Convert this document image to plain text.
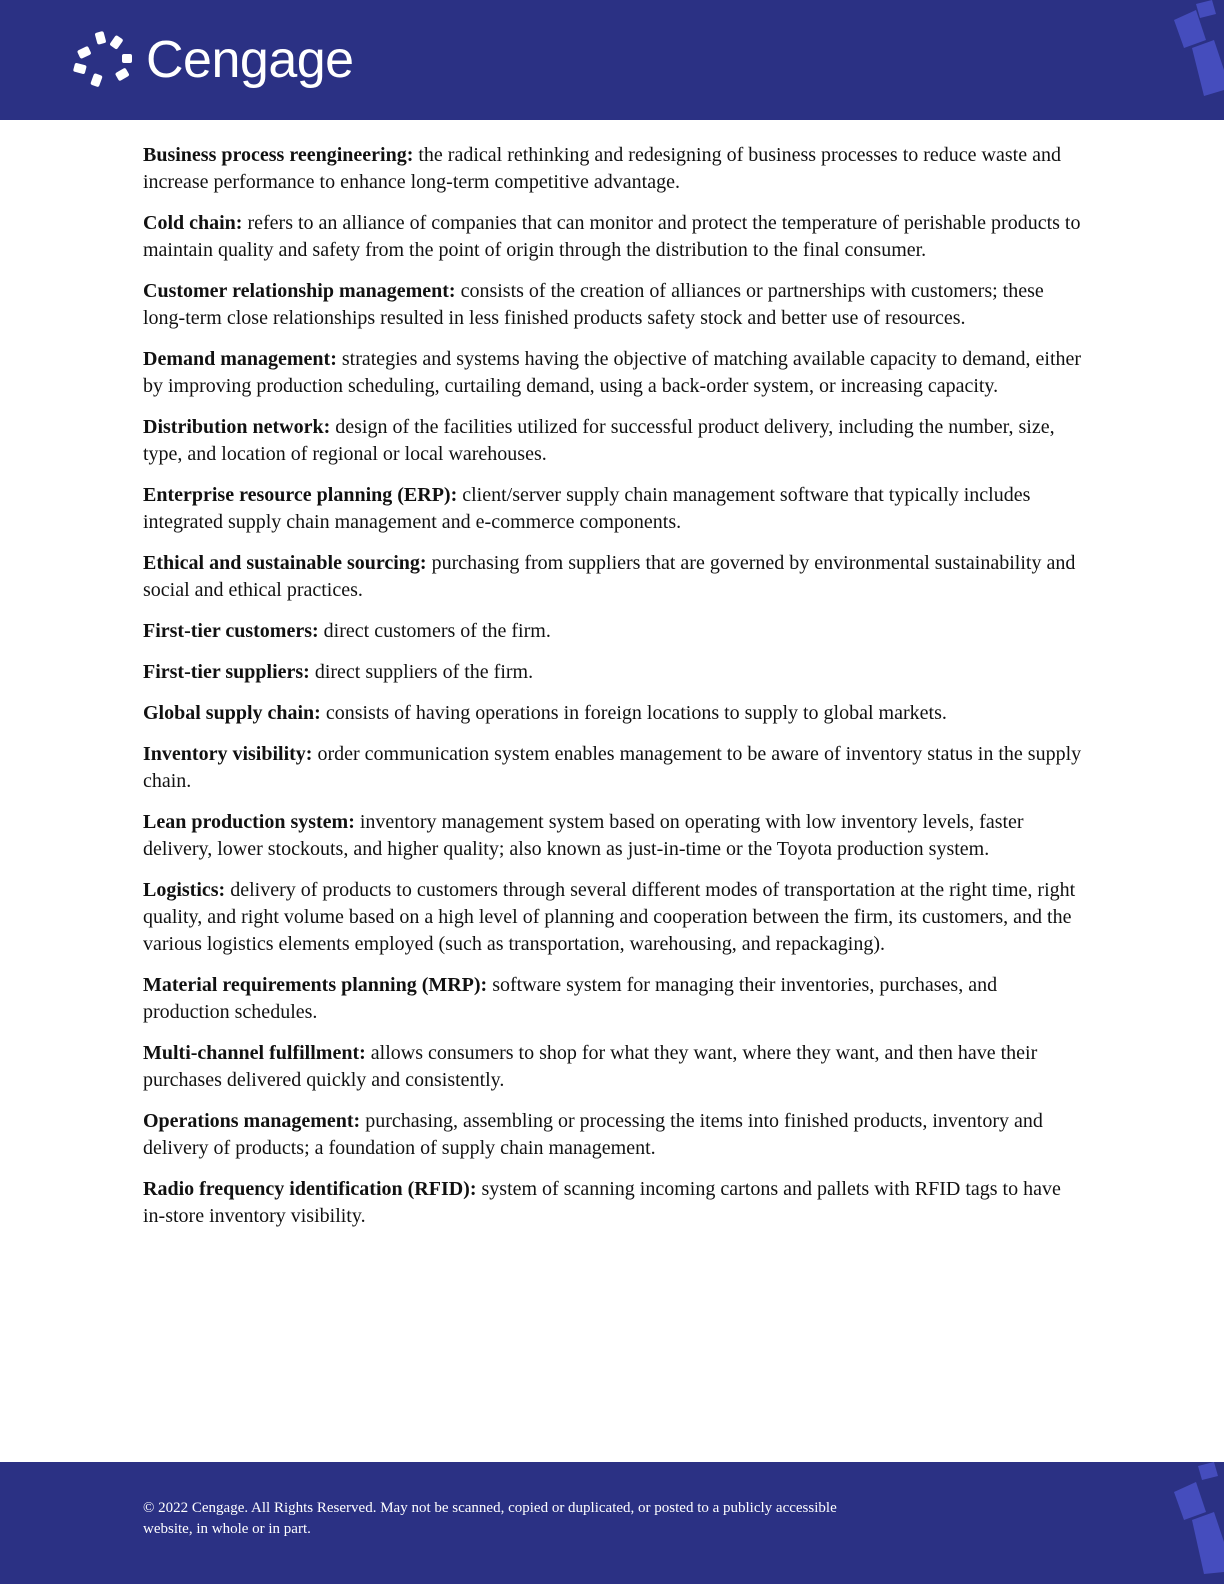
Cengage

Business process reengineering: the radical rethinking and redesigning of business processes to reduce waste and increase performance to enhance long-term competitive advantage.

Cold chain: refers to an alliance of companies that can monitor and protect the temperature of perishable products to maintain quality and safety from the point of origin through the distribution to the final consumer.

Customer relationship management: consists of the creation of alliances or partnerships with customers; these long-term close relationships resulted in less finished products safety stock and better use of resources.

Demand management: strategies and systems having the objective of matching available capacity to demand, either by improving production scheduling, curtailing demand, using a back-order system, or increasing capacity.

Distribution network: design of the facilities utilized for successful product delivery, including the number, size, type, and location of regional or local warehouses.

Enterprise resource planning (ERP): client/server supply chain management software that typically includes integrated supply chain management and e-commerce components.

Ethical and sustainable sourcing: purchasing from suppliers that are governed by environmental sustainability and social and ethical practices.

First-tier customers: direct customers of the firm.

First-tier suppliers: direct suppliers of the firm.

Global supply chain: consists of having operations in foreign locations to supply to global markets.

Inventory visibility: order communication system enables management to be aware of inventory status in the supply chain.

Lean production system: inventory management system based on operating with low inventory levels, faster delivery, lower stockouts, and higher quality; also known as just-in-time or the Toyota production system.

Logistics: delivery of products to customers through several different modes of transportation at the right time, right quality, and right volume based on a high level of planning and cooperation between the firm, its customers, and the various logistics elements employed (such as transportation, warehousing, and repackaging).

Material requirements planning (MRP): software system for managing their inventories, purchases, and production schedules.

Multi-channel fulfillment: allows consumers to shop for what they want, where they want, and then have their purchases delivered quickly and consistently.

Operations management: purchasing, assembling or processing the items into finished products, inventory and delivery of products; a foundation of supply chain management.

Radio frequency identification (RFID): system of scanning incoming cartons and pallets with RFID tags to have in-store inventory visibility.

© 2022 Cengage. All Rights Reserved. May not be scanned, copied or duplicated, or posted to a publicly accessible website, in whole or in part.
